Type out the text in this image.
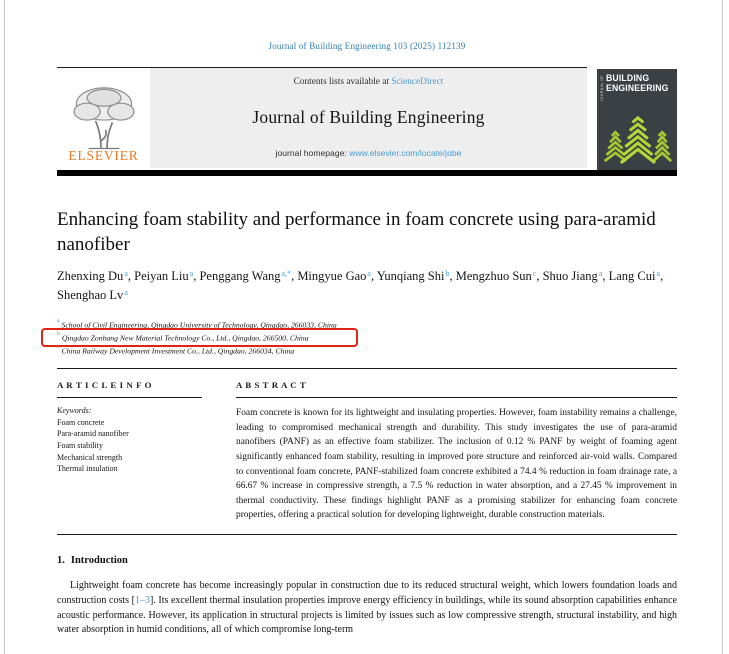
Journal of Building Engineering 103 (2025) 112139
ELSEVIER
Contents lists available at ScienceDirect
Journal of Building Engineering
journal homepage: www.elsevier.com/locate/jobe
JOURNAL OF BUILDING
ENGINEERING
Enhancing foam stability and performance in foam concrete using para-aramid nanofiber
Zhenxing Du$^a$, Peiyan Liu$^a$, Penggang Wang$^{a,*}$, Mingyue Gao$^a$, Yunqiang Shi$^b$, Mengzhuo Sun$^c$, Shuo Jiang$^a$, Lang Cui$^a$, Shenghao Lv$^a$
$^a$ School of Civil Engineering, Qingdao University of Technology, Qingdao, 266033, China
$^b$ Qingdao Zonbang New Material Technology Co., Ltd., Qingdao, 266500, China
$^c$ China Railway Development Investment Co., Ltd., Qingdao, 266034, China
A R T I C L E I N F O
Keywords:
Foam concrete
Para-aramid nanofiber
Foam stability
Mechanical strength
Thermal insulation
A B S T R A C T

Foam concrete is known for its lightweight and insulating properties. However, foam instability remains a challenge, leading to compromised mechanical strength and durability. This study investigates the use of para-aramid nanofibers (PANF) as an effective foam stabilizer. The inclusion of 0.12 % PANF by weight of foaming agent significantly enhanced foam stability, resulting in improved pore structure and reinforced air-void walls. Compared to conventional foam concrete, PANF-stabilized foam concrete exhibited a 74.4 % reduction in foam drainage rate, a 66.67 % increase in compressive strength, a 7.5 % reduction in water absorption, and a 27.45 % improvement in thermal conductivity. These findings highlight PANF as a promising stabilizer for enhancing foam concrete properties, offering a practical solution for developing lightweight, durable construction materials.

1. Introduction

Lightweight foam concrete has become increasingly popular in construction due to its reduced structural weight, which lowers foundation loads and construction costs [1–3]. Its excellent thermal insulation properties improve energy efficiency in buildings, while its sound absorption capabilities enhance acoustic performance. However, its application in structural projects is limited by issues such as low compressive strength, structural instability, and high water absorption in humid conditions, all of which compromise long-term
